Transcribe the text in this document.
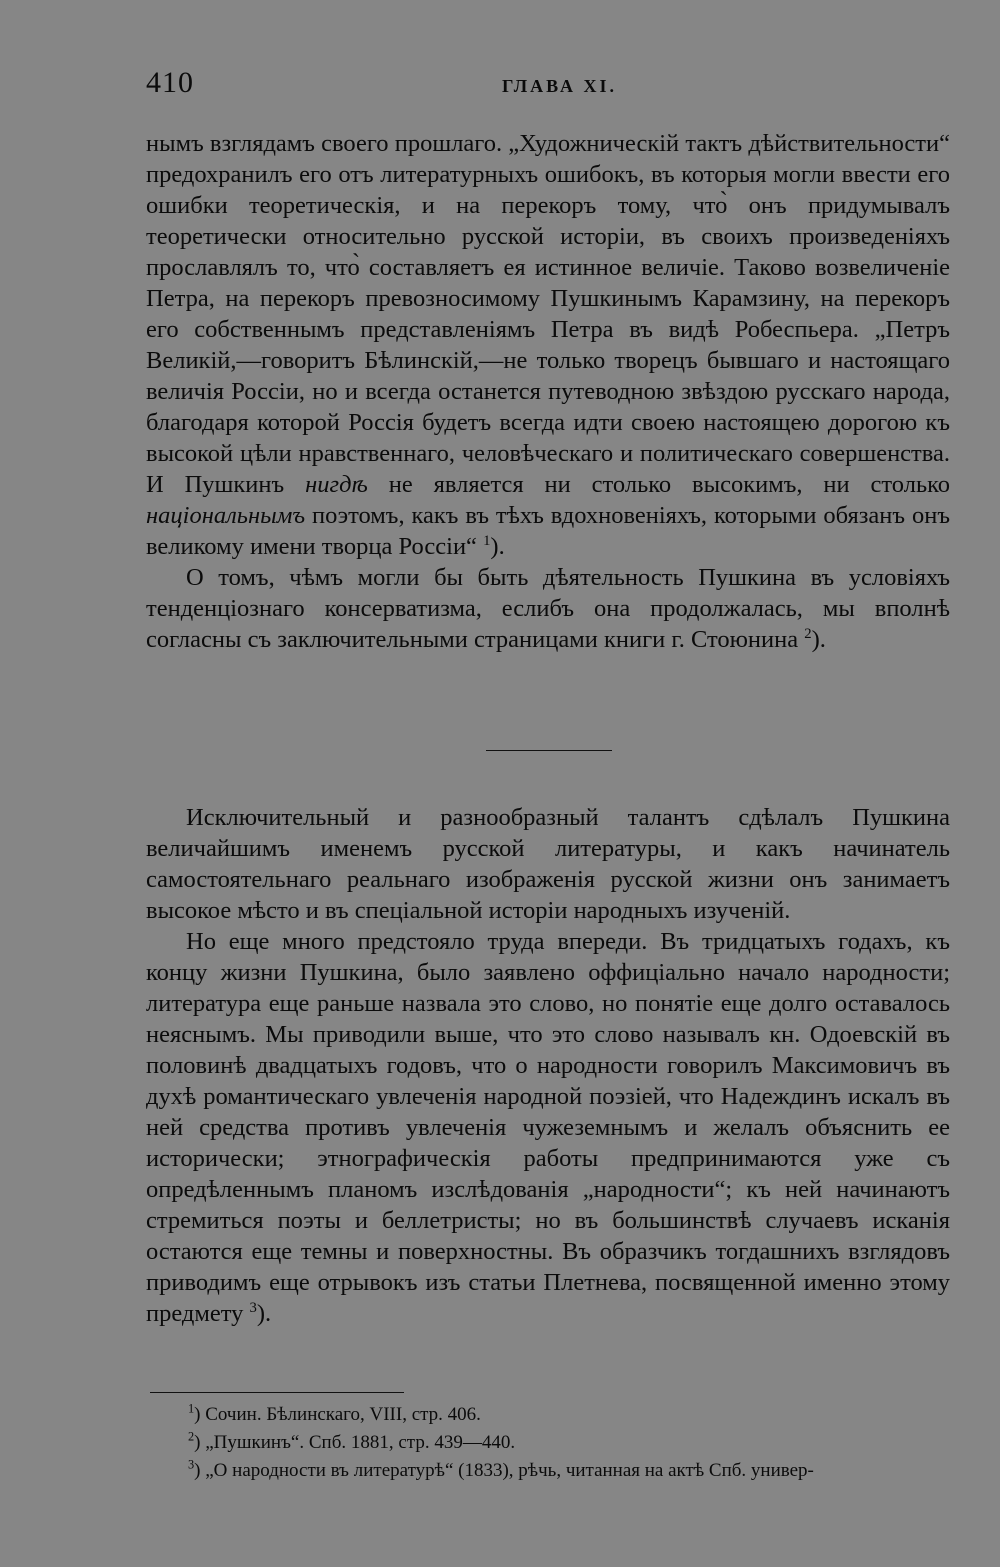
410	ГЛАВА XI.

нымъ взглядамъ своего прошлаго. „Художническій тактъ дѣйствительности“ предохранилъ его отъ литературныхъ ошибокъ, въ которыя могли ввести его ошибки теоретическія, и на перекоръ тому, что̀ онъ придумывалъ теоретически относительно русской исторіи, въ своихъ произведеніяхъ прославлялъ то, что̀ составляетъ ея истинное величіе. Таково возвеличеніе Петра, на перекоръ превозносимому Пушкинымъ Карамзину, на перекоръ его собственнымъ представленіямъ Петра въ видѣ Робеспьера. „Петръ Великій,—говоритъ Бѣлинскій,—не только творецъ бывшаго и настоящаго величія Россіи, но и всегда останется путеводною звѣздою русскаго народа, благодаря которой Россія будетъ всегда идти своею настоящею дорогою къ высокой цѣли нравственнаго, человѣческаго и политическаго совершенства. И Пушкинъ нигдѣ не является ни столько высокимъ, ни столько національнымъ поэтомъ, какъ въ тѣхъ вдохновеніяхъ, которыми обязанъ онъ великому имени творца Россіи“ $^1$).

О томъ, чѣмъ могли бы быть дѣятельность Пушкина въ условіяхъ тенденціознаго консерватизма, еслибъ она продолжалась, мы вполнѣ согласны съ заключительными страницами книги г. Стоюнина $^2$).

Исключительный и разнообразный талантъ сдѣлалъ Пушкина величайшимъ именемъ русской литературы, и какъ начинатель самостоятельнаго реальнаго изображенія русской жизни онъ занимаетъ высокое мѣсто и въ спеціальной исторіи народныхъ изученій.

Но еще много предстояло труда впереди. Въ тридцатыхъ годахъ, къ концу жизни Пушкина, было заявлено оффиціально начало народности; литература еще раньше назвала это слово, но понятіе еще долго оставалось неяснымъ. Мы приводили выше, что это слово называлъ кн. Одоевскій въ половинѣ двадцатыхъ годовъ, что о народности говорилъ Максимовичъ въ духѣ романтическаго увлеченія народной поэзіей, что Надеждинъ искалъ въ ней средства противъ увлеченія чужеземнымъ и желалъ объяснить ее исторически; этнографическія работы предпринимаются уже съ опредѣленнымъ планомъ изслѣдованія „народности“; къ ней начинаютъ стремиться поэты и беллетристы; но въ большинствѣ случаевъ исканія остаются еще темны и поверхностны. Въ образчикъ тогдашнихъ взглядовъ приводимъ еще отрывокъ изъ статьи Плетнева, посвященной именно этому предмету $^3$).

$^1$) Сочин. Бѣлинскаго, VIII, стр. 406.
$^2$) „Пушкинъ“. Спб. 1881, стр. 439—440.
$^3$) „О народности въ литературѣ“ (1833), рѣчь, читанная на актѣ Спб. универ-
